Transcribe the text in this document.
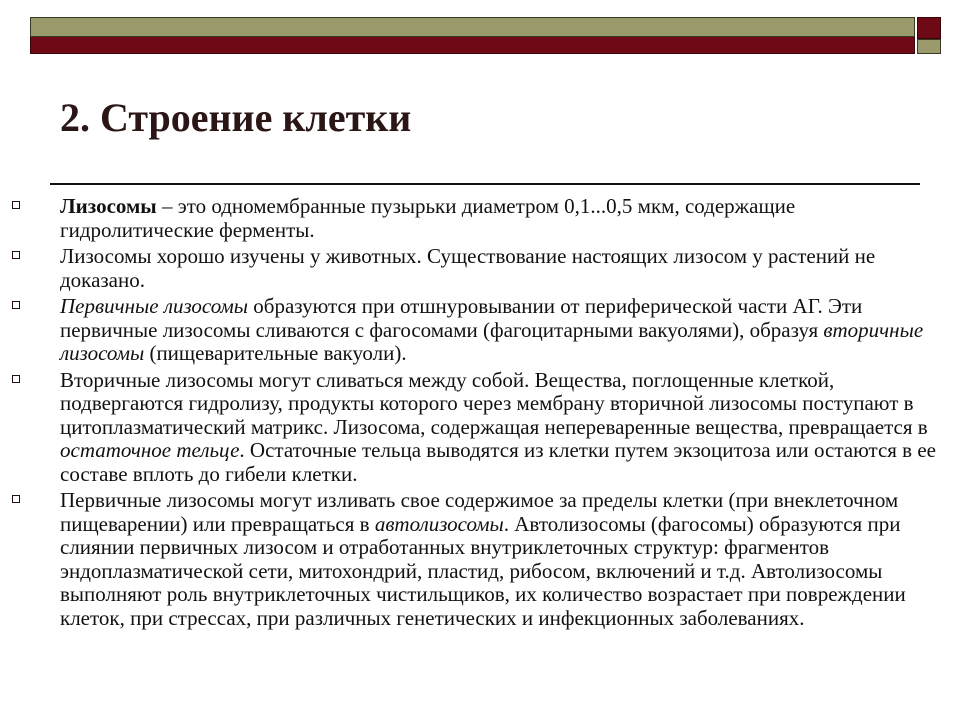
2. Строение клетки
Лизосомы – это одномембранные пузырьки диаметром 0,1...0,5 мкм, содержащие гидролитические ферменты.
Лизосомы хорошо изучены у животных. Существование настоящих лизосом у растений не доказано.
Первичные лизосомы образуются при отшнуровывании от периферической части АГ. Эти первичные лизосомы сливаются с фагосомами (фагоцитарными вакуолями), образуя вторичные лизосомы (пищеварительные вакуоли).
Вторичные лизосомы могут сливаться между собой. Вещества, поглощенные клеткой, подвергаются гидролизу, продукты которого через мембрану вторичной лизосомы поступают в цитоплазматический матрикс. Лизосома, содержащая непереваренные вещества, превращается в остаточное тельце. Остаточные тельца выводятся из клетки путем экзоцитоза или остаются в ее составе вплоть до гибели клетки.
Первичные лизосомы могут изливать свое содержимое за пределы клетки (при внеклеточном пищеварении) или превращаться в автолизосомы. Автолизосомы (фагосомы) образуются при слиянии первичных лизосом и отработанных внутриклеточных структур: фрагментов эндоплазматической сети, митохондрий, пластид, рибосом, включений и т.д. Автолизосомы выполняют роль внутриклеточных чистильщиков, их количество возрастает при повреждении клеток, при стрессах, при различных генетических и инфекционных заболеваниях.
